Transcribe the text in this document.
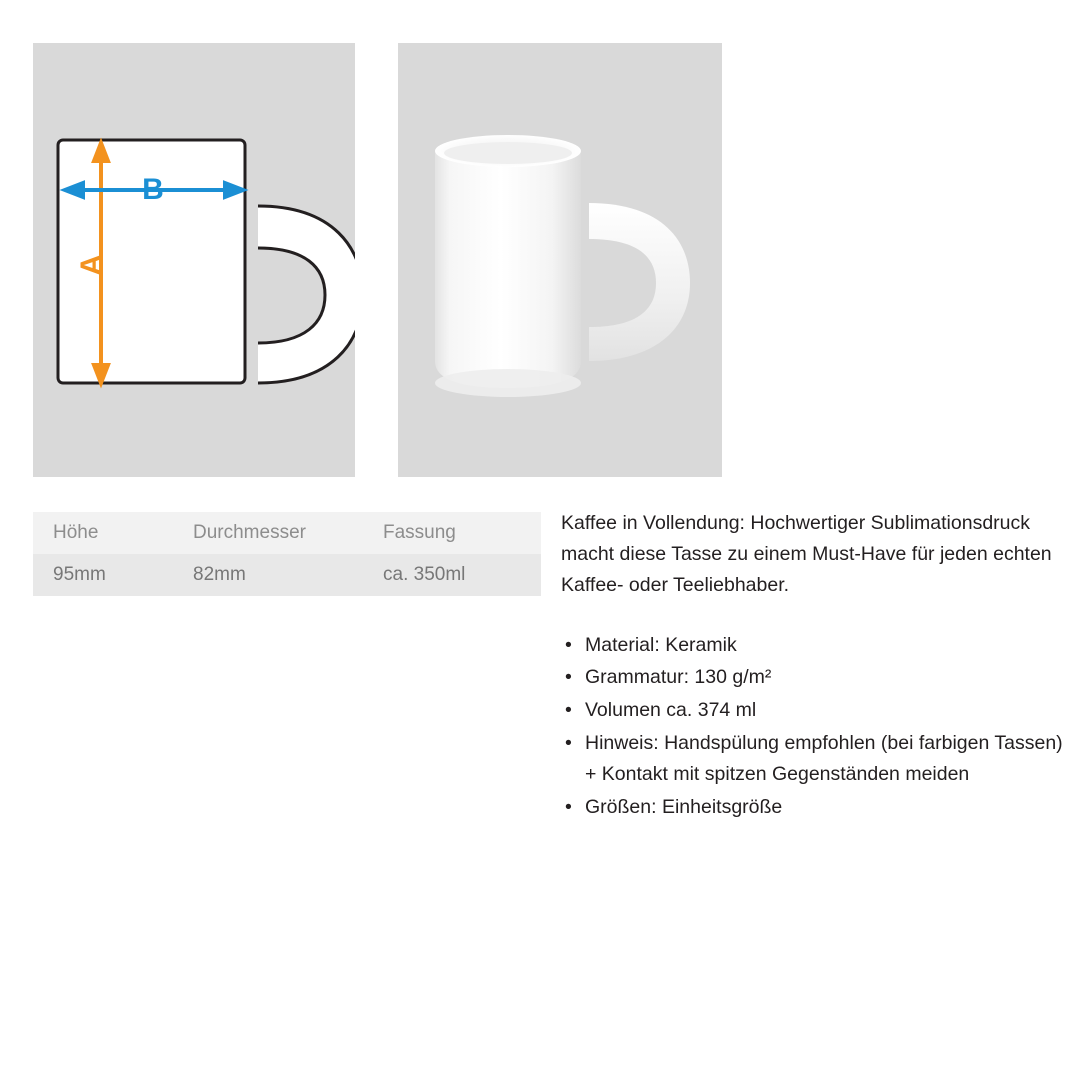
A
B
Höhe	Durchmesser	Fassung
95mm	82mm	ca. 350ml

Kaffee in Vollendung: Hochwertiger Sublimationsdruck macht diese Tasse zu einem Must-Have für jeden echten Kaffee- oder Teeliebhaber.

• Material: Keramik
• Grammatur: 130 g/m²
• Volumen ca. 374 ml
• Hinweis: Handspülung empfohlen (bei farbigen Tassen) + Kontakt mit spitzen Gegenständen meiden
• Größen: Einheitsgröße
